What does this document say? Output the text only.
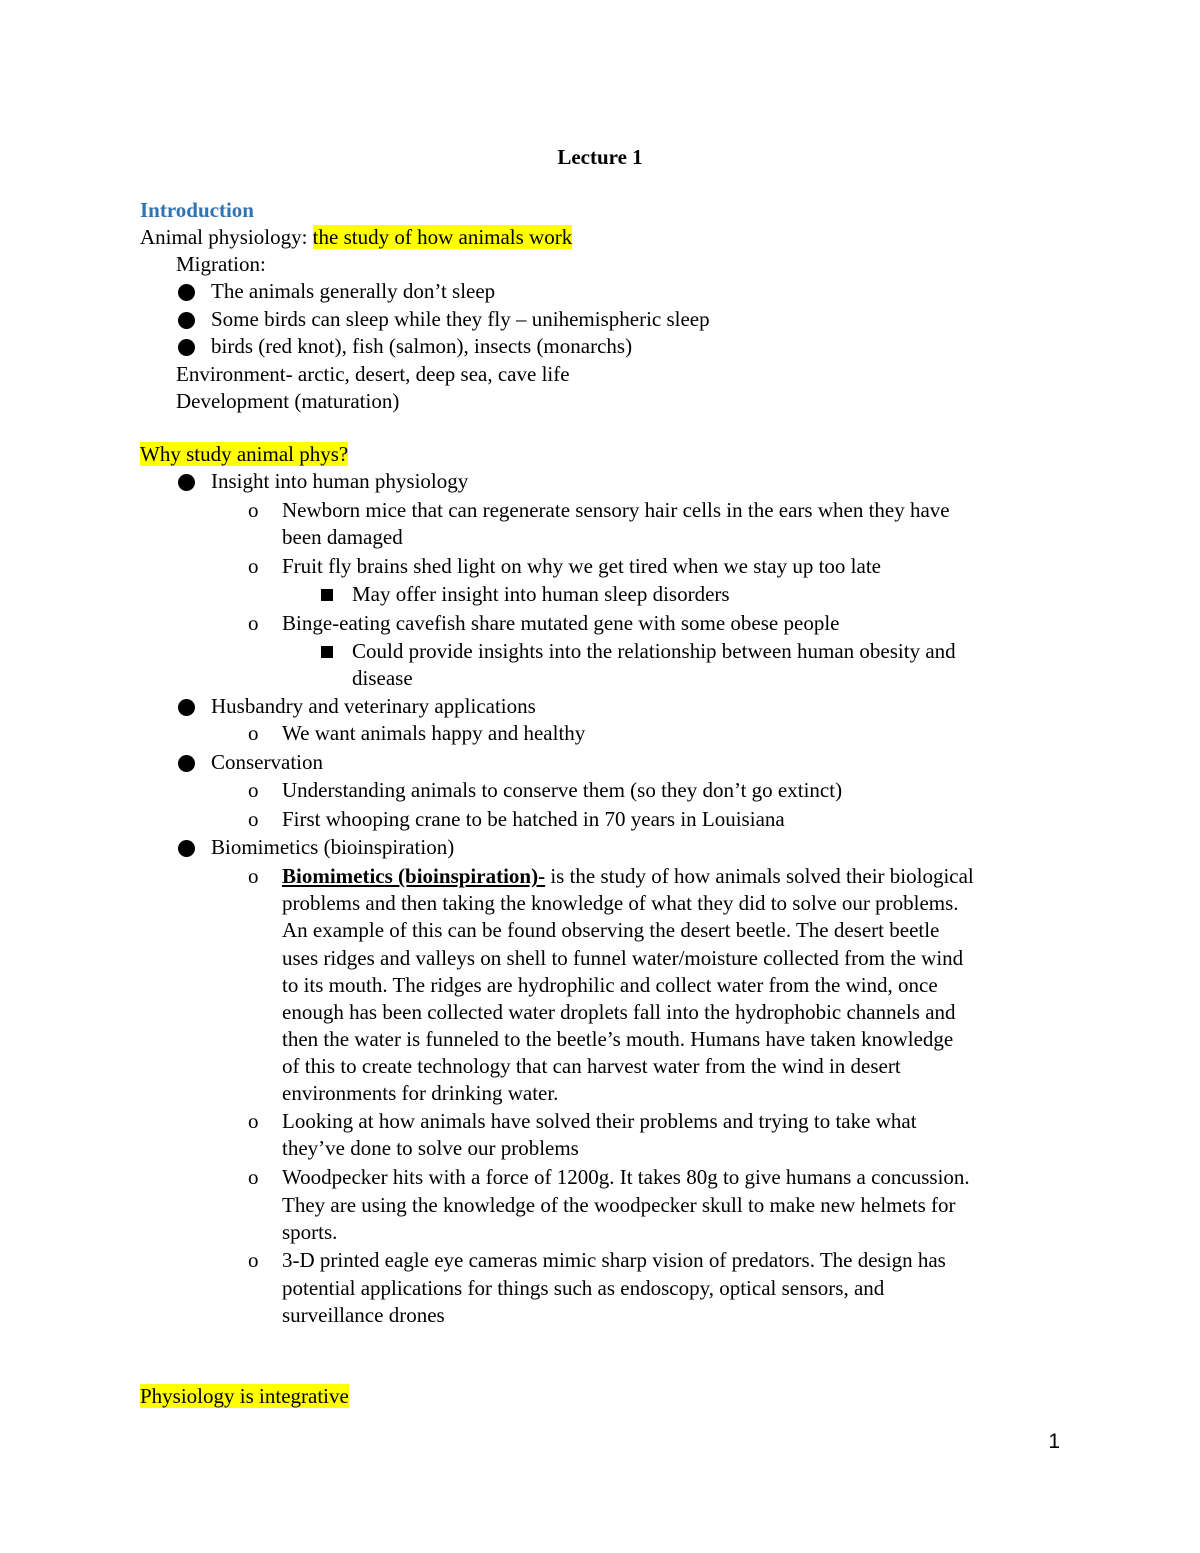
Lecture 1
Introduction
Animal physiology: the study of how animals work
Migration:
The animals generally don’t sleep
Some birds can sleep while they fly – unihemispheric sleep
birds (red knot), fish (salmon), insects (monarchs)
Environment- arctic, desert, deep sea, cave life
Development (maturation)
Why study animal phys?
Insight into human physiology
o Newborn mice that can regenerate sensory hair cells in the ears when they have
been damaged
o Fruit fly brains shed light on why we get tired when we stay up too late
May offer insight into human sleep disorders
o Binge-eating cavefish share mutated gene with some obese people
Could provide insights into the relationship between human obesity and
disease
Husbandry and veterinary applications
o We want animals happy and healthy
Conservation
o Understanding animals to conserve them (so they don’t go extinct)
o First whooping crane to be hatched in 70 years in Louisiana
Biomimetics (bioinspiration)
o Biomimetics (bioinspiration)- is the study of how animals solved their biological
problems and then taking the knowledge of what they did to solve our problems.
An example of this can be found observing the desert beetle. The desert beetle
uses ridges and valleys on shell to funnel water/moisture collected from the wind
to its mouth. The ridges are hydrophilic and collect water from the wind, once
enough has been collected water droplets fall into the hydrophobic channels and
then the water is funneled to the beetle’s mouth. Humans have taken knowledge
of this to create technology that can harvest water from the wind in desert
environments for drinking water.
o Looking at how animals have solved their problems and trying to take what
they’ve done to solve our problems
o Woodpecker hits with a force of 1200g. It takes 80g to give humans a concussion.
They are using the knowledge of the woodpecker skull to make new helmets for
sports.
o 3-D printed eagle eye cameras mimic sharp vision of predators. The design has
potential applications for things such as endoscopy, optical sensors, and
surveillance drones
Physiology is integrative
1
